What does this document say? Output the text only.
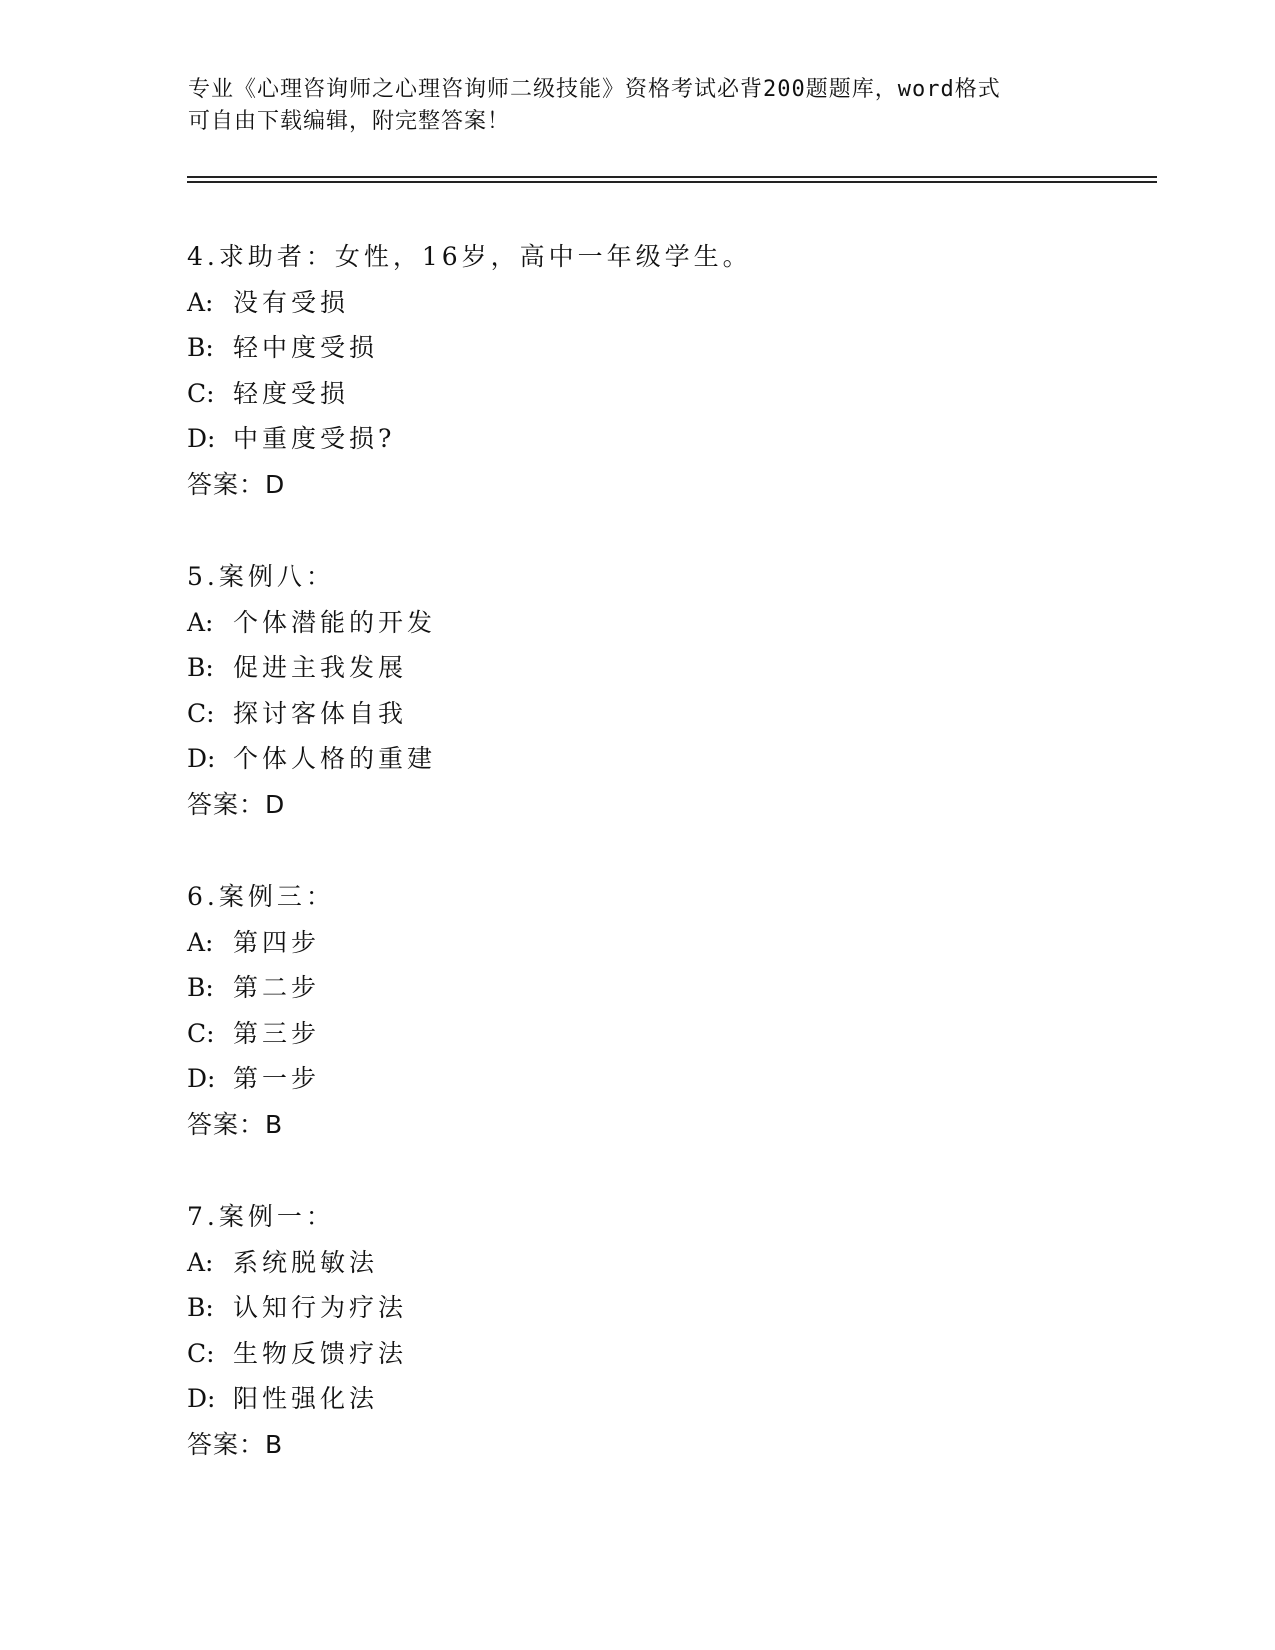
专业《心理咨询师之心理咨询师二级技能》资格考试必背200题题库，word格式
可自由下载编辑，附完整答案！
4.求助者：女性，16岁，高中一年级学生。
A: 没有受损
B: 轻中度受损
C: 轻度受损
D: 中重度受损?
答案：D
5.案例八：
A: 个体潜能的开发
B: 促进主我发展
C: 探讨客体自我
D: 个体人格的重建
答案：D
6.案例三：
A: 第四步
B: 第二步
C: 第三步
D: 第一步
答案：B
7.案例一：
A: 系统脱敏法
B: 认知行为疗法
C: 生物反馈疗法
D: 阳性强化法
答案：B
